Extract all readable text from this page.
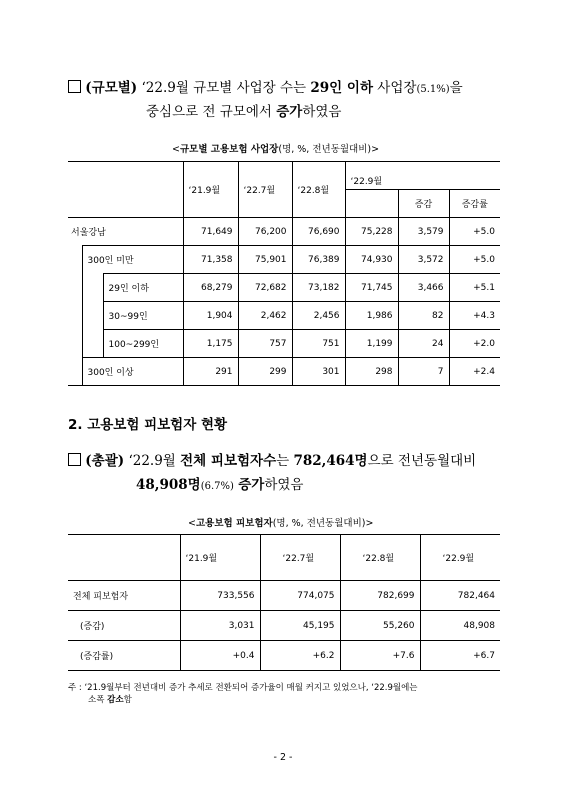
(규모별) ‘22.9월 규모별 사업장 수는 29인 이하 사업장(5.1%)을
중심으로 전 규모에서 증가하였음
<규모별 고용보험 사업장(명, %, 전년동월대비)>
			‘21.9월	‘22.7월	‘22.8월	‘22.9월		
							증감	증감률
서울강남			71,649	76,200	76,690	75,228	3,579	+5.0
	300인 미만		71,358	75,901	76,389	74,930	3,572	+5.0
		29인 이하	68,279	72,682	73,182	71,745	3,466	+5.1
		30~99인	1,904	2,462	2,456	1,986	82	+4.3
		100~299인	1,175	757	751	1,199	24	+2.0
	300인 이상		291	299	301	298	7	+2.4
2. 고용보험 피보험자 현황
(총괄) ‘22.9월 전체 피보험자수는 782,464명으로 전년동월대비
48,908명(6.7%) 증가하였음
<고용보험 피보험자(명, %, 전년동월대비)>
	‘21.9월	‘22.7월	‘22.8월	‘22.9월
전체 피보험자	733,556	774,075	782,699	782,464
(증감)	3,031	45,195	55,260	48,908
(증감률)	+0.4	+6.2	+7.6	+6.7
주 : ‘21.9월부터 전년대비 증가 추세로 전환되어 증가율이 매월 커지고 있었으나, ‘22.9월에는
소폭 감소함
- 2 -
